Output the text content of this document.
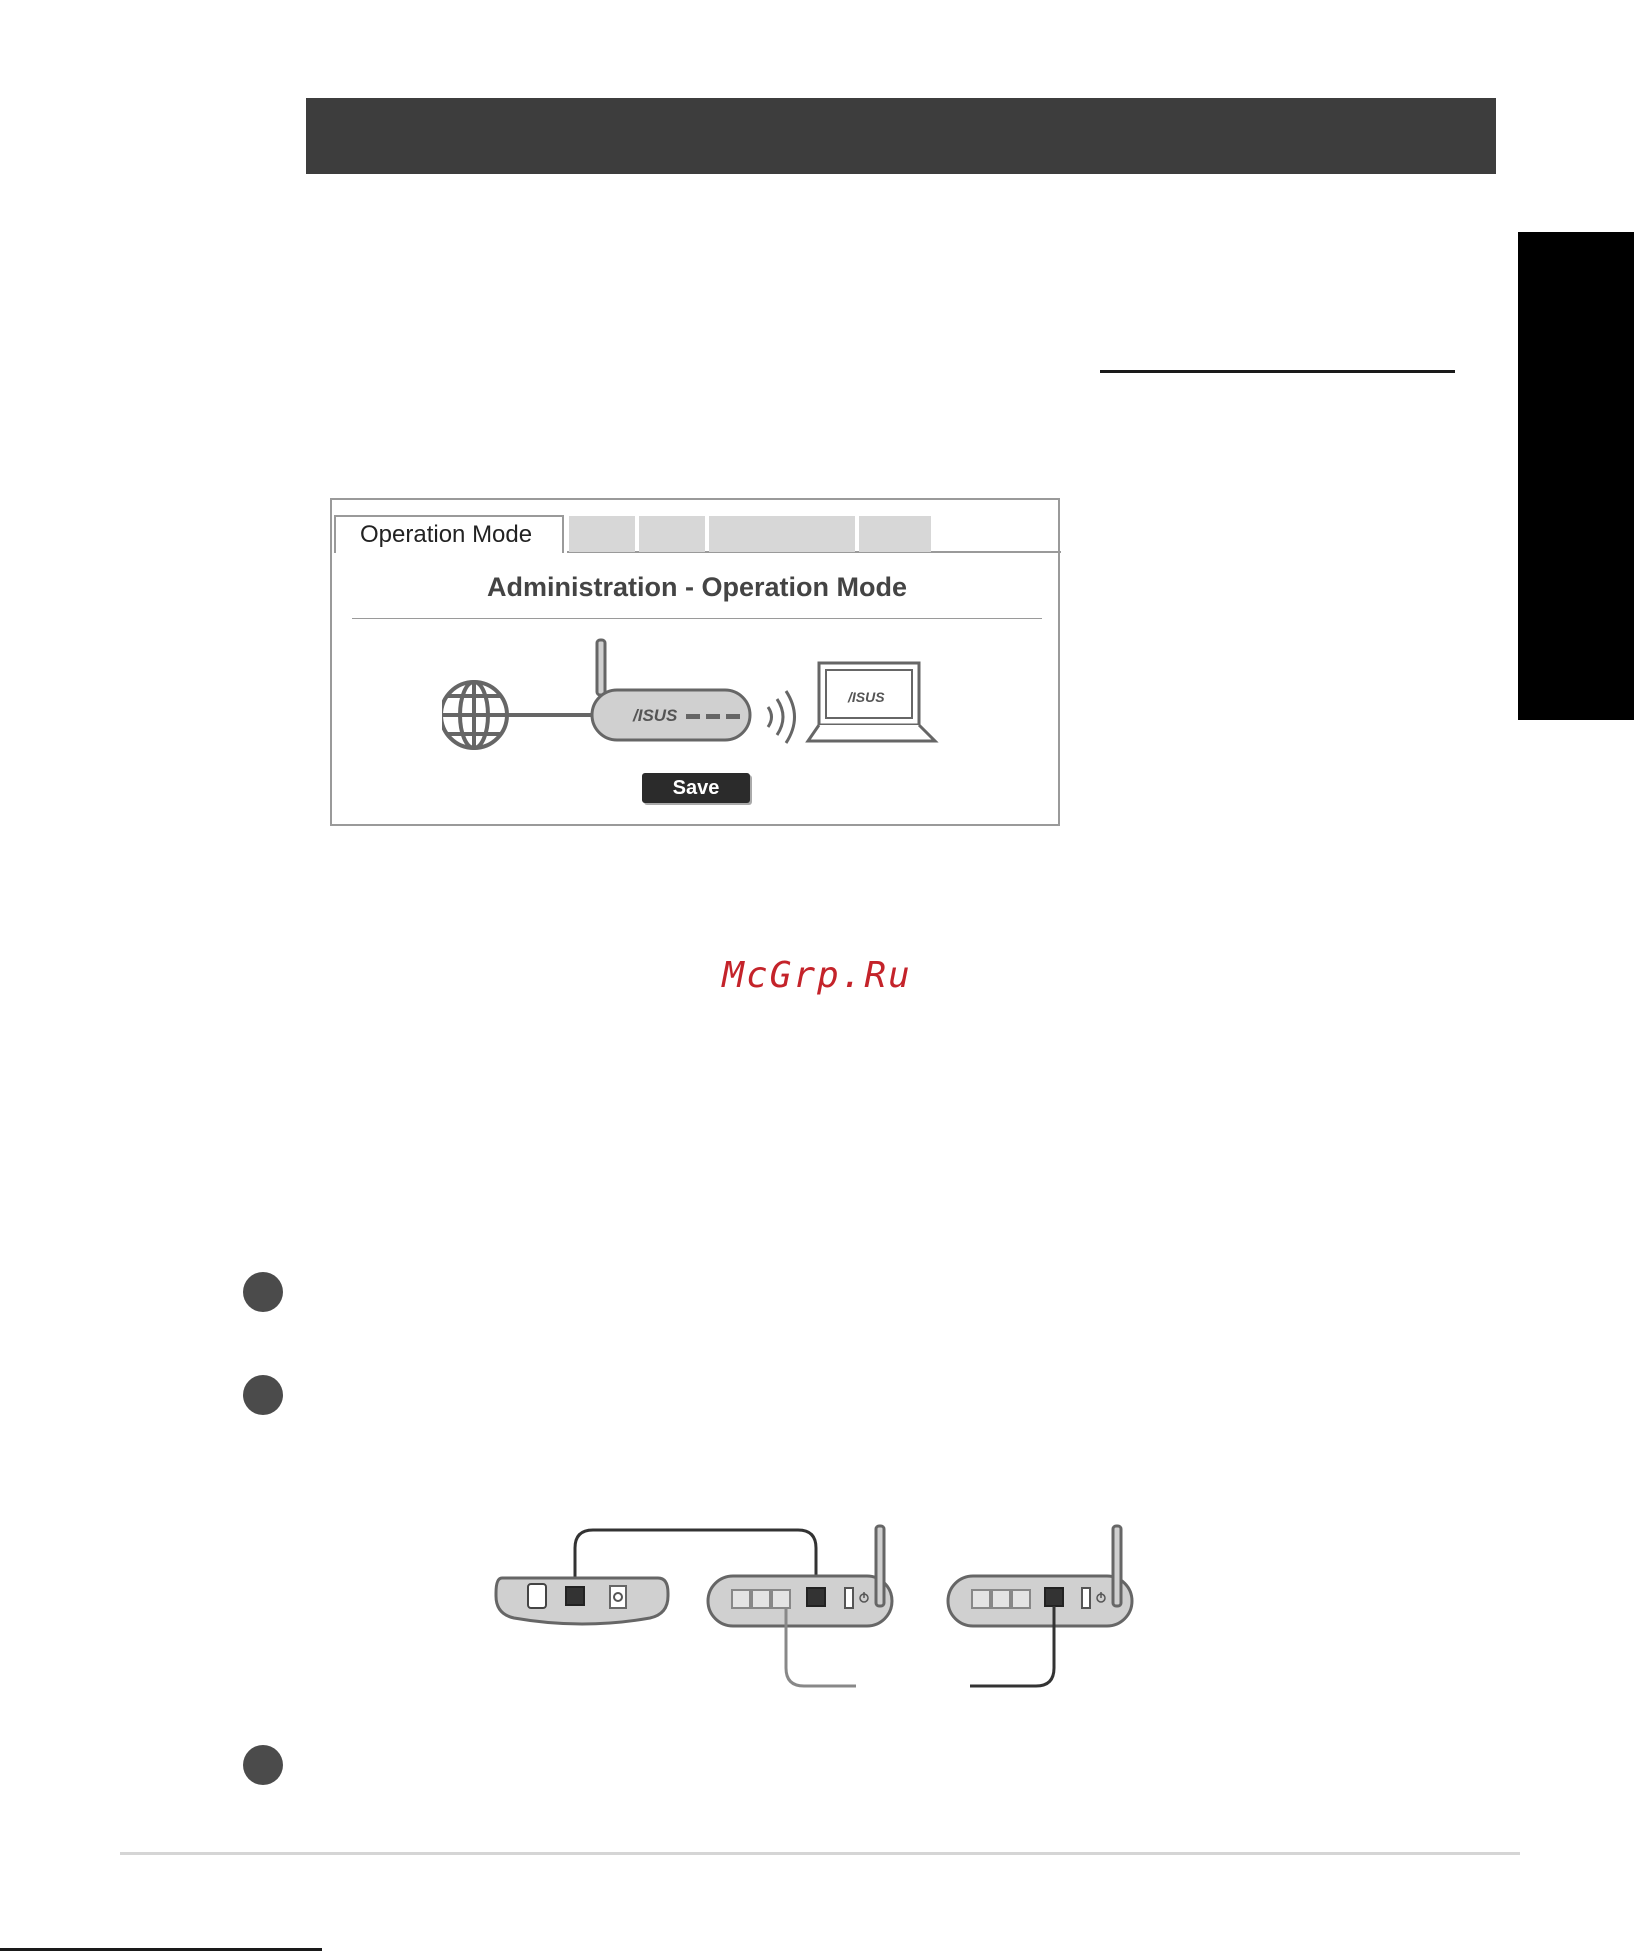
Operation Mode
Administration - Operation Mode
/ISUS
/ISUS
Save
McGrp.Ru
